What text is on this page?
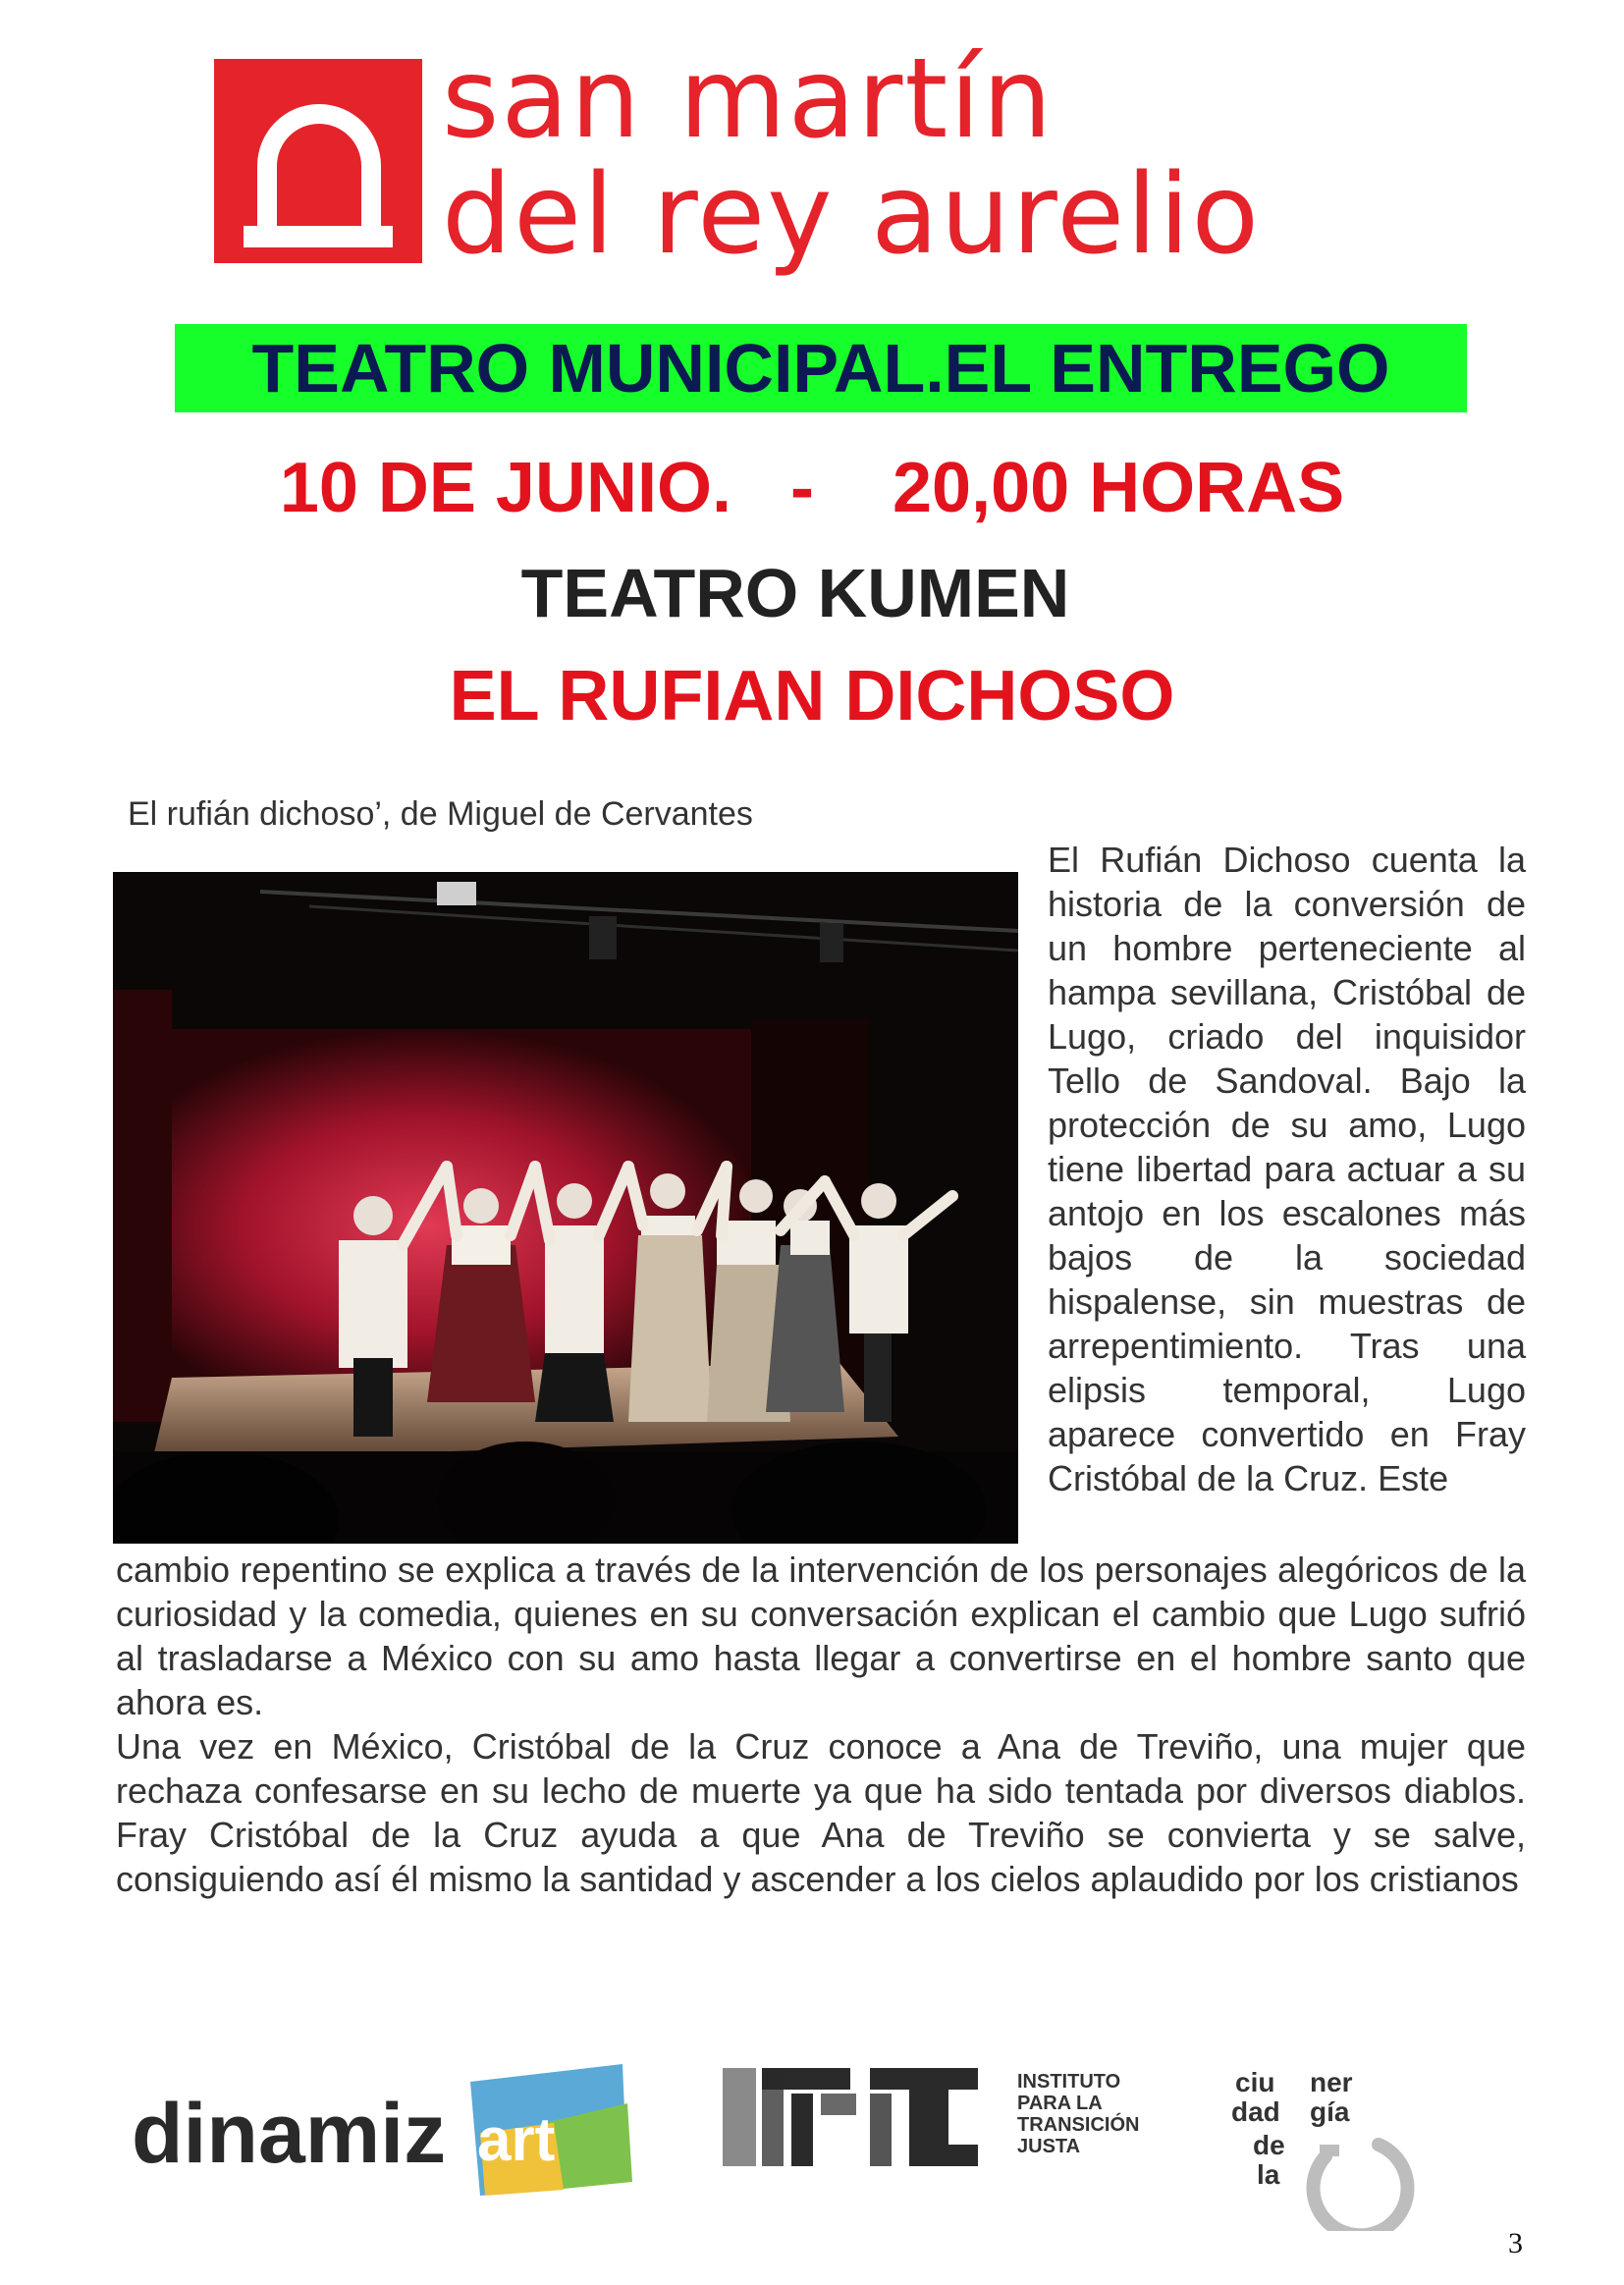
san martín
del rey aurelio
TEATRO MUNICIPAL.EL ENTREGO
10 DE JUNIO.   -    20,00 HORAS
TEATRO KUMEN
EL RUFIAN DICHOSO
El rufián dichoso’, de Miguel de Cervantes

El Rufián Dichoso cuenta la historia de la conversión de un hombre perteneciente al hampa sevillana, Cristóbal de Lugo, criado del inquisidor Tello de Sandoval. Bajo la protección de su amo, Lugo tiene libertad para actuar a su antojo en los escalones más bajos de la sociedad hispalense, sin muestras de arrepentimiento. Tras una elipsis temporal, Lugo aparece convertido en Fray Cristóbal de la Cruz. Este

cambio repentino se explica a través de la intervención de los personajes alegóricos de la curiosidad y la comedia, quienes en su conversación explican el cambio que Lugo sufrió al trasladarse a México con su amo hasta llegar a convertirse en el hombre santo que ahora es.

Una vez en México, Cristóbal de la Cruz conoce a Ana de Treviño, una mujer que rechaza confesarse en su lecho de muerte ya que ha sido tentada por diversos diablos. Fray Cristóbal de la Cruz ayuda a que Ana de Treviño se convierta y se salve, consiguiendo así él mismo la santidad y ascender a los cielos aplaudido por los cristianos

dinamiz art
INSTITUTO
PARA LA
TRANSICIÓN
JUSTA
ciu ner
dad gía
de
la
3
